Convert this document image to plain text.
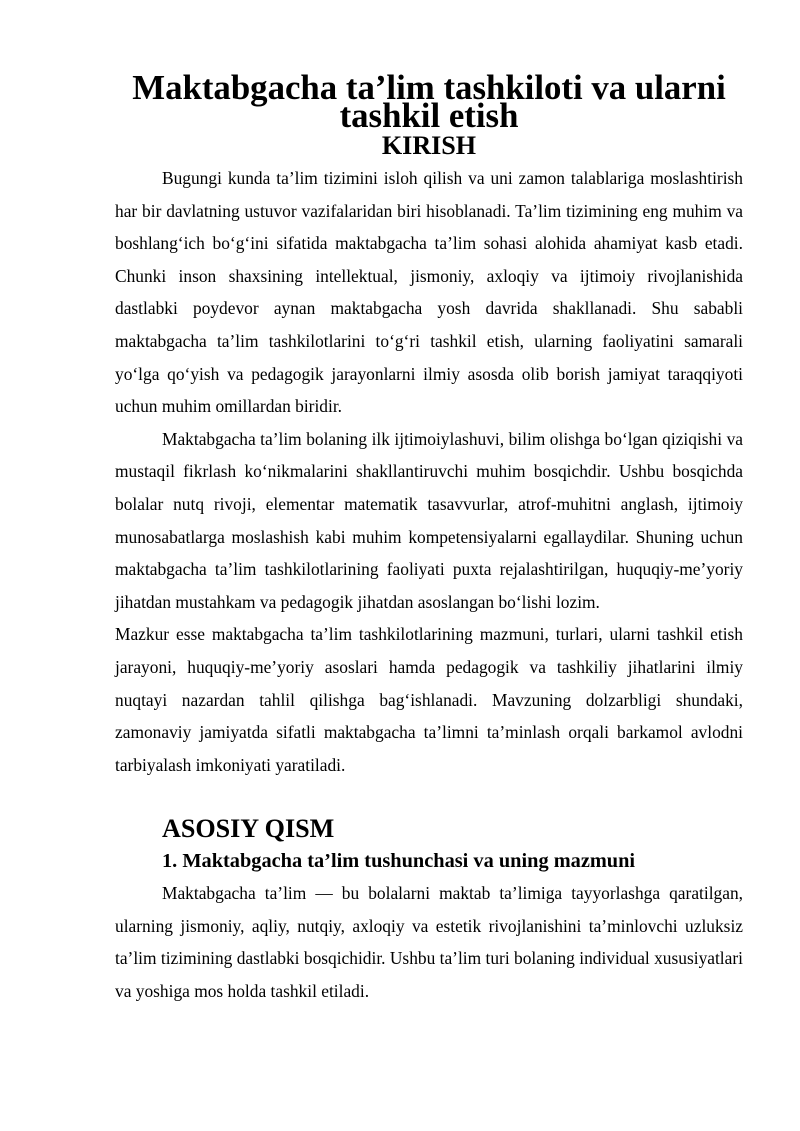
Maktabgacha ta’lim tashkiloti va ularni tashkil etish
KIRISH

Bugungi kunda ta’lim tizimini isloh qilish va uni zamon talablariga moslashtirish har bir davlatning ustuvor vazifalaridan biri hisoblanadi. Ta’lim tizimining eng muhim va boshlang‘ich bo‘g‘ini sifatida maktabgacha ta’lim sohasi alohida ahamiyat kasb etadi. Chunki inson shaxsining intellektual, jismoniy, axloqiy va ijtimoiy rivojlanishida dastlabki poydevor aynan maktabgacha yosh davrida shakllanadi. Shu sababli maktabgacha ta’lim tashkilotlarini to‘g‘ri tashkil etish, ularning faoliyatini samarali yo‘lga qo‘yish va pedagogik jarayonlarni ilmiy asosda olib borish jamiyat taraqqiyoti uchun muhim omillardan biridir.

Maktabgacha ta’lim bolaning ilk ijtimoiylashuvi, bilim olishga bo‘lgan qiziqishi va mustaqil fikrlash ko‘nikmalarini shakllantiruvchi muhim bosqichdir. Ushbu bosqichda bolalar nutq rivoji, elementar matematik tasavvurlar, atrof-muhitni anglash, ijtimoiy munosabatlarga moslashish kabi muhim kompetensiyalarni egallaydilar. Shuning uchun maktabgacha ta’lim tashkilotlarining faoliyati puxta rejalashtirilgan, huquqiy-me’yoriy jihatdan mustahkam va pedagogik jihatdan asoslangan bo‘lishi lozim.

Mazkur esse maktabgacha ta’lim tashkilotlarining mazmuni, turlari, ularni tashkil etish jarayoni, huquqiy-me’yoriy asoslari hamda pedagogik va tashkiliy jihatlarini ilmiy nuqtayi nazardan tahlil qilishga bag‘ishlanadi. Mavzuning dolzarbligi shundaki, zamonaviy jamiyatda sifatli maktabgacha ta’limni ta’minlash orqali barkamol avlodni tarbiyalash imkoniyati yaratiladi.

ASOSIY QISM
1. Maktabgacha ta’lim tushunchasi va uning mazmuni

Maktabgacha ta’lim — bu bolalarni maktab ta’limiga tayyorlashga qaratilgan, ularning jismoniy, aqliy, nutqiy, axloqiy va estetik rivojlanishini ta’minlovchi uzluksiz ta’lim tizimining dastlabki bosqichidir. Ushbu ta’lim turi bolaning individual xususiyatlari va yoshiga mos holda tashkil etiladi.
